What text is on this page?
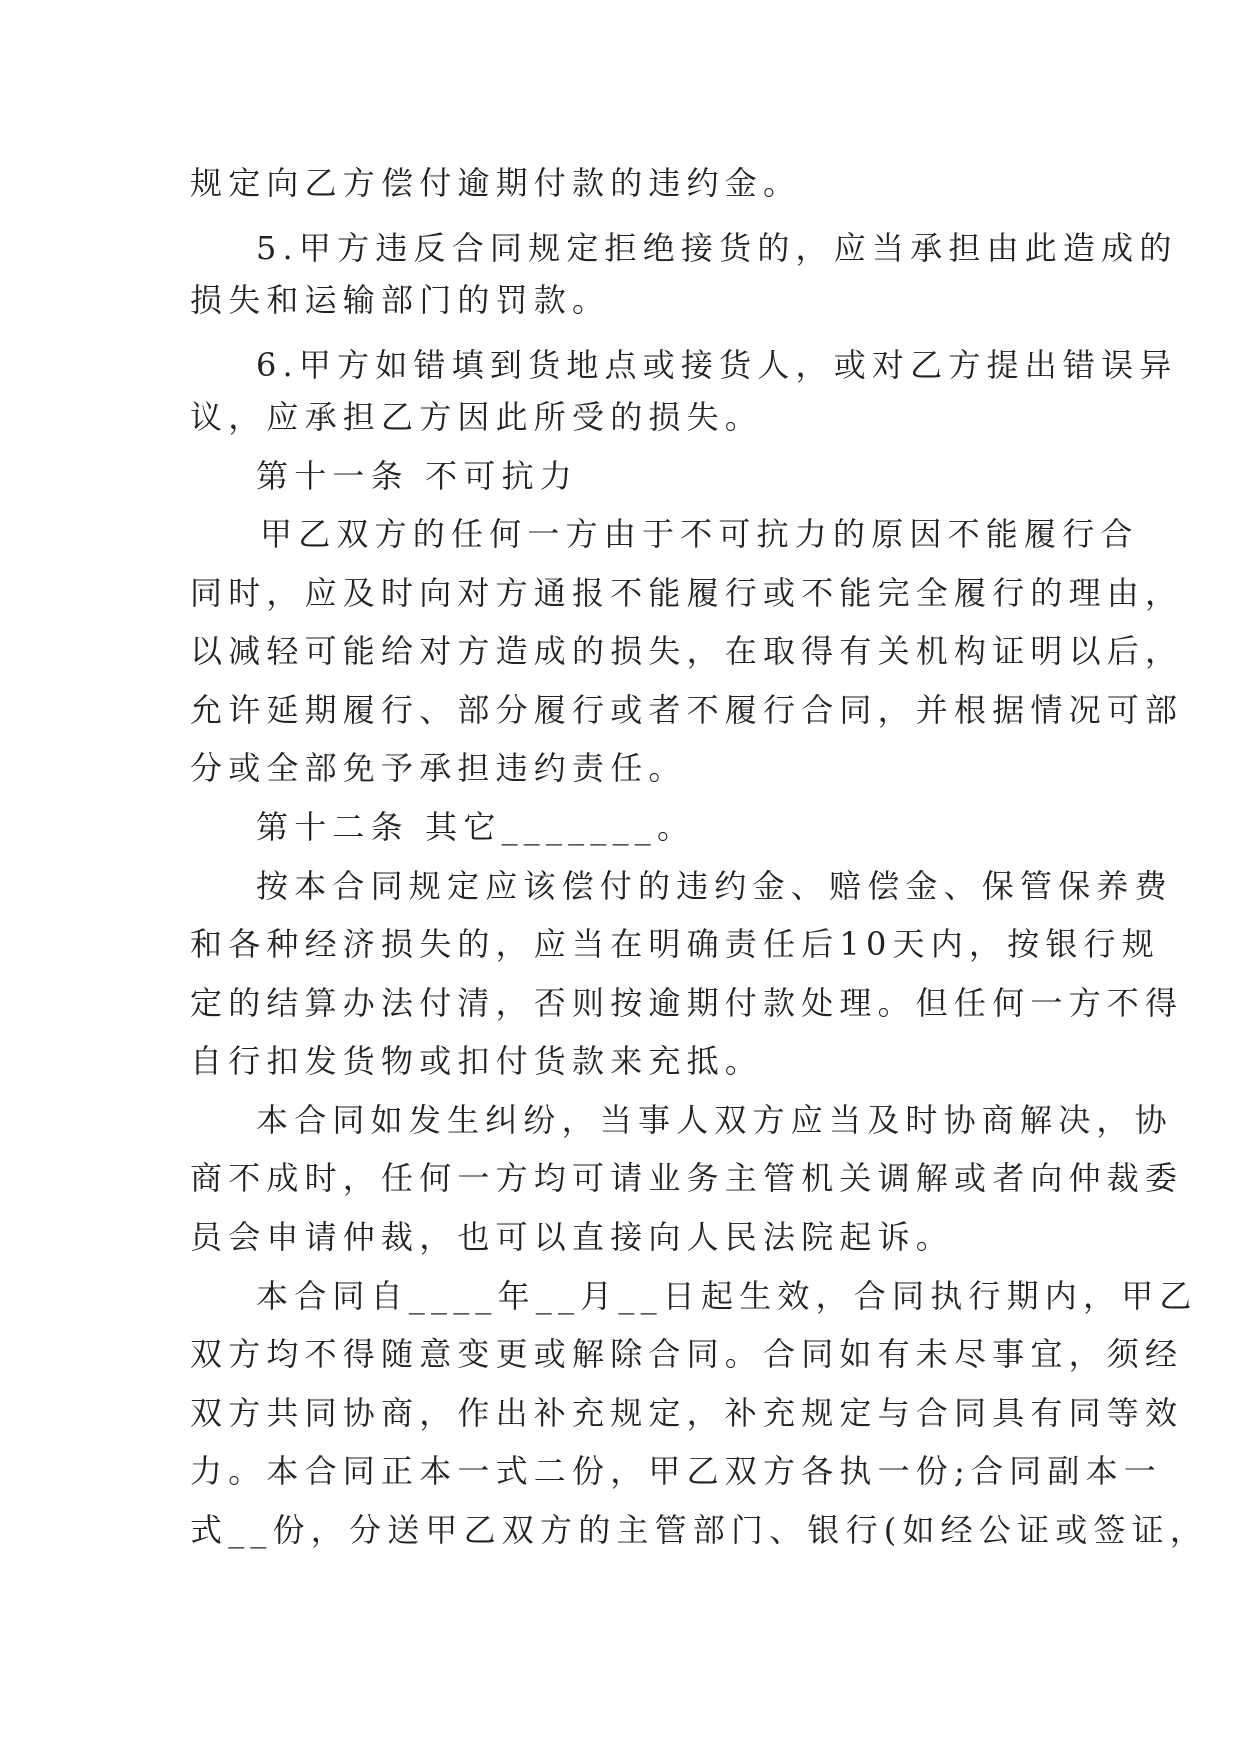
规定向乙方偿付逾期付款的违约金。
5.甲方违反合同规定拒绝接货的，应当承担由此造成的
损失和运输部门的罚款。
6.甲方如错填到货地点或接货人，或对乙方提出错误异
议，应承担乙方因此所受的损失。
第十一条 不可抗力
甲乙双方的任何一方由于不可抗力的原因不能履行合
同时，应及时向对方通报不能履行或不能完全履行的理由，
以减轻可能给对方造成的损失，在取得有关机构证明以后，
允许延期履行、部分履行或者不履行合同，并根据情况可部
分或全部免予承担违约责任。
第十二条 其它_______。
按本合同规定应该偿付的违约金、赔偿金、保管保养费
和各种经济损失的，应当在明确责任后10天内，按银行规
定的结算办法付清，否则按逾期付款处理。但任何一方不得
自行扣发货物或扣付货款来充抵。
本合同如发生纠纷，当事人双方应当及时协商解决，协
商不成时，任何一方均可请业务主管机关调解或者向仲裁委
员会申请仲裁，也可以直接向人民法院起诉。
本合同自____年__月__日起生效，合同执行期内，甲乙
双方均不得随意变更或解除合同。合同如有未尽事宜，须经
双方共同协商，作出补充规定，补充规定与合同具有同等效
力。本合同正本一式二份，甲乙双方各执一份;合同副本一
式__份，分送甲乙双方的主管部门、银行(如经公证或签证，
